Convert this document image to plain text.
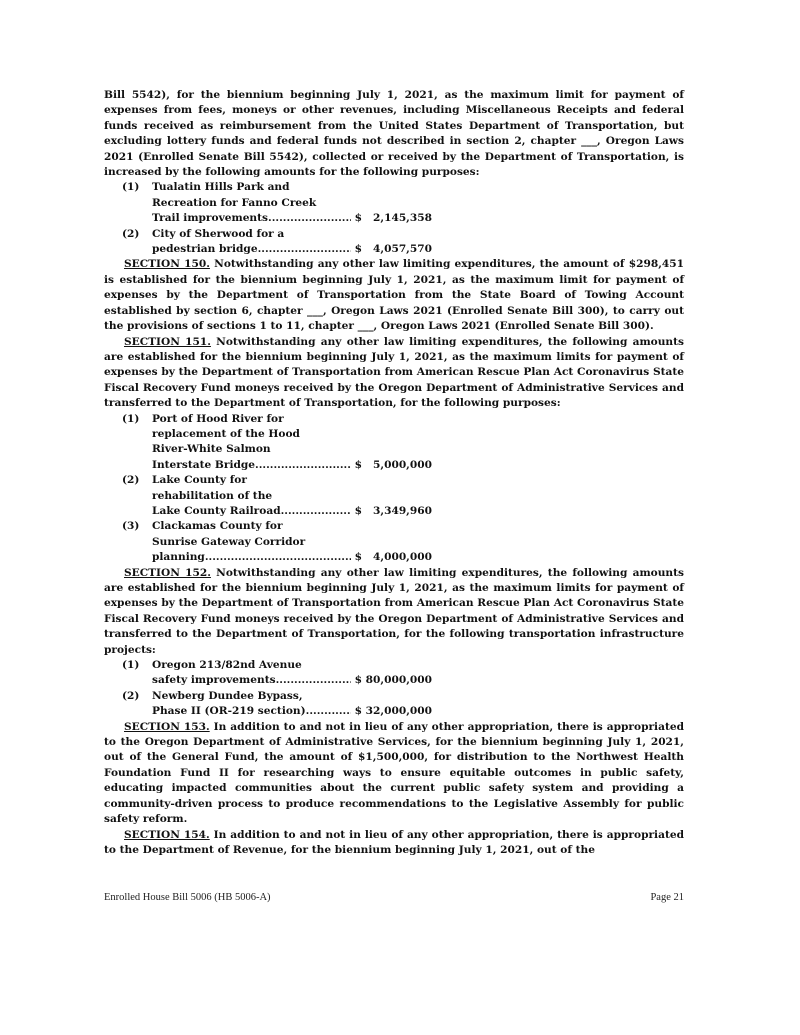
Bill 5542), for the biennium beginning July 1, 2021, as the maximum limit for payment of expenses from fees, moneys or other revenues, including Miscellaneous Receipts and federal funds received as reimbursement from the United States Department of Transportation, but excluding lottery funds and federal funds not described in section 2, chapter ___, Oregon Laws 2021 (Enrolled Senate Bill 5542), collected or received by the Department of Transportation, is increased by the following amounts for the following purposes:

(1)	Tualatin Hills Park and
Recreation for Fanno Creek
Trail improvements .....	$   2,145,358
(2)	City of Sherwood for a
pedestrian bridge .....	$   4,057,570

SECTION 150. Notwithstanding any other law limiting expenditures, the amount of $298,451 is established for the biennium beginning July 1, 2021, as the maximum limit for payment of expenses by the Department of Transportation from the State Board of Towing Account established by section 6, chapter ___, Oregon Laws 2021 (Enrolled Senate Bill 300), to carry out the provisions of sections 1 to 11, chapter ___, Oregon Laws 2021 (Enrolled Senate Bill 300).

SECTION 151. Notwithstanding any other law limiting expenditures, the following amounts are established for the biennium beginning July 1, 2021, as the maximum limits for payment of expenses by the Department of Transportation from American Rescue Plan Act Coronavirus State Fiscal Recovery Fund moneys received by the Oregon Department of Administrative Services and transferred to the Department of Transportation, for the following purposes:

(1)	Port of Hood River for
replacement of the Hood
River-White Salmon
Interstate Bridge .....	$   5,000,000
(2)	Lake County for
rehabilitation of the
Lake County Railroad .....	$   3,349,960
(3)	Clackamas County for
Sunrise Gateway Corridor
planning .....	$   4,000,000

SECTION 152. Notwithstanding any other law limiting expenditures, the following amounts are established for the biennium beginning July 1, 2021, as the maximum limits for payment of expenses by the Department of Transportation from American Rescue Plan Act Coronavirus State Fiscal Recovery Fund moneys received by the Oregon Department of Administrative Services and transferred to the Department of Transportation, for the following transportation infrastructure projects:

(1)	Oregon 213/82nd Avenue
safety improvements .....	$ 80,000,000
(2)	Newberg Dundee Bypass,
Phase II (OR-219 section) .....	$ 32,000,000

SECTION 153. In addition to and not in lieu of any other appropriation, there is appropriated to the Oregon Department of Administrative Services, for the biennium beginning July 1, 2021, out of the General Fund, the amount of $1,500,000, for distribution to the Northwest Health Foundation Fund II for researching ways to ensure equitable outcomes in public safety, educating impacted communities about the current public safety system and providing a community-driven process to produce recommendations to the Legislative Assembly for public safety reform.

SECTION 154. In addition to and not in lieu of any other appropriation, there is appropriated to the Department of Revenue, for the biennium beginning July 1, 2021, out of the

Enrolled House Bill 5006 (HB 5006-A)	Page 21
